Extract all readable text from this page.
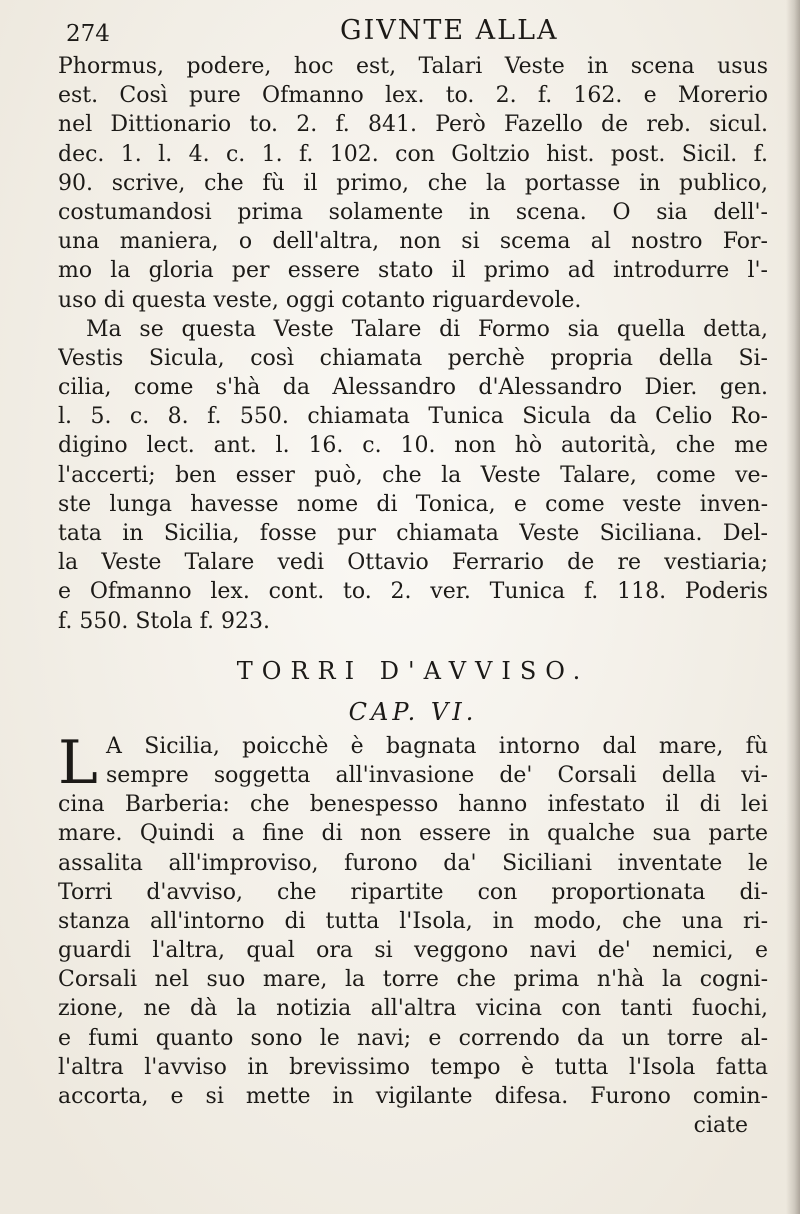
274	GIVNTE ALLA
Phormus, podere, hoc est, Talari Veste in scena usus
est. Così pure Ofmanno lex. to. 2. f. 162. e Morerio
nel Dittionario to. 2. f. 841. Però Fazello de reb. sicul.
dec. 1. l. 4. c. 1. f. 102. con Goltzio hist. post. Sicil. f.
90. scrive, che fù il primo, che la portasse in publico,
costumandosi prima solamente in scena. O sia dell'-
una maniera, o dell'altra, non si scema al nostro For-
mo la gloria per essere stato il primo ad introdurre l'-
uso di questa veste, oggi cotanto riguardevole.
Ma se questa Veste Talare di Formo sia quella detta,
Vestis Sicula, così chiamata perchè propria della Si-
cilia, come s'hà da Alessandro d'Alessandro Dier. gen.
l. 5. c. 8. f. 550. chiamata Tunica Sicula da Celio Ro-
digino lect. ant. l. 16. c. 10. non hò autorità, che me
l'accerti; ben esser può, che la Veste Talare, come ve-
ste lunga havesse nome di Tonica, e come veste inven-
tata in Sicilia, fosse pur chiamata Veste Siciliana. Del-
la Veste Talare vedi Ottavio Ferrario de re vestiaria;
e Ofmanno lex. cont. to. 2. ver. Tunica f. 118. Poderis
f. 550. Stola f. 923.
TORRI D'AVVISO.
CAP. VI.
L A Sicilia, poicchè è bagnata intorno dal mare, fù
sempre soggetta all'invasione de' Corsali della vi-
cina Barberia: che benespesso hanno infestato il di lei
mare. Quindi a fine di non essere in qualche sua parte
assalita all'improviso, furono da' Siciliani inventate le
Torri d'avviso, che ripartite con proportionata di-
stanza all'intorno di tutta l'Isola, in modo, che una ri-
guardi l'altra, qual ora si veggono navi de' nemici, e
Corsali nel suo mare, la torre che prima n'hà la cogni-
zione, ne dà la notizia all'altra vicina con tanti fuochi,
e fumi quanto sono le navi; e correndo da un torre al-
l'altra l'avviso in brevissimo tempo è tutta l'Isola fatta
accorta, e si mette in vigilante difesa. Furono comin-
ciate
